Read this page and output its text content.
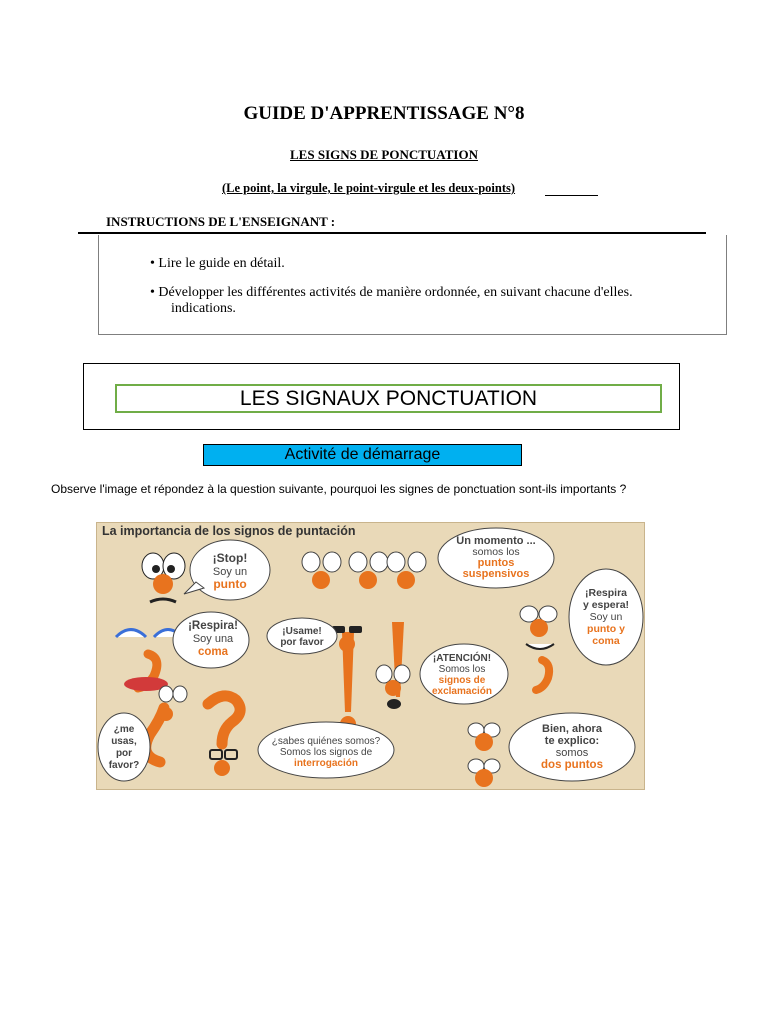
GUIDE D'APPRENTISSAGE N°8
LES SIGNS DE PONCTUATION
(Le point, la virgule, le point-virgule et les deux-points)
INSTRUCTIONS DE L'ENSEIGNANT :
• Lire le guide en détail.
• Développer les différentes activités de manière ordonnée, en suivant chacune d'elles.
indications.
LES SIGNAUX PONCTUATION
Activité de démarrage
Observe l'image et répondez à la question suivante, pourquoi les signes de ponctuation sont-ils importants ?
La importancia de los signos de puntación
¡Stop!
Soy un
punto
Un momento ...
somos los
puntos
suspensivos
¡Respira
y espera!
Soy un
punto y
coma
¡Respira!
Soy una
coma
¡Usame!
por favor
¡ATENCIÓN!
Somos los
signos de
exclamación
¿me
usas,
por
favor?
¿sabes quiénes somos?
Somos los signos de
interrogación
Bien, ahora
te explico:
somos
dos puntos
